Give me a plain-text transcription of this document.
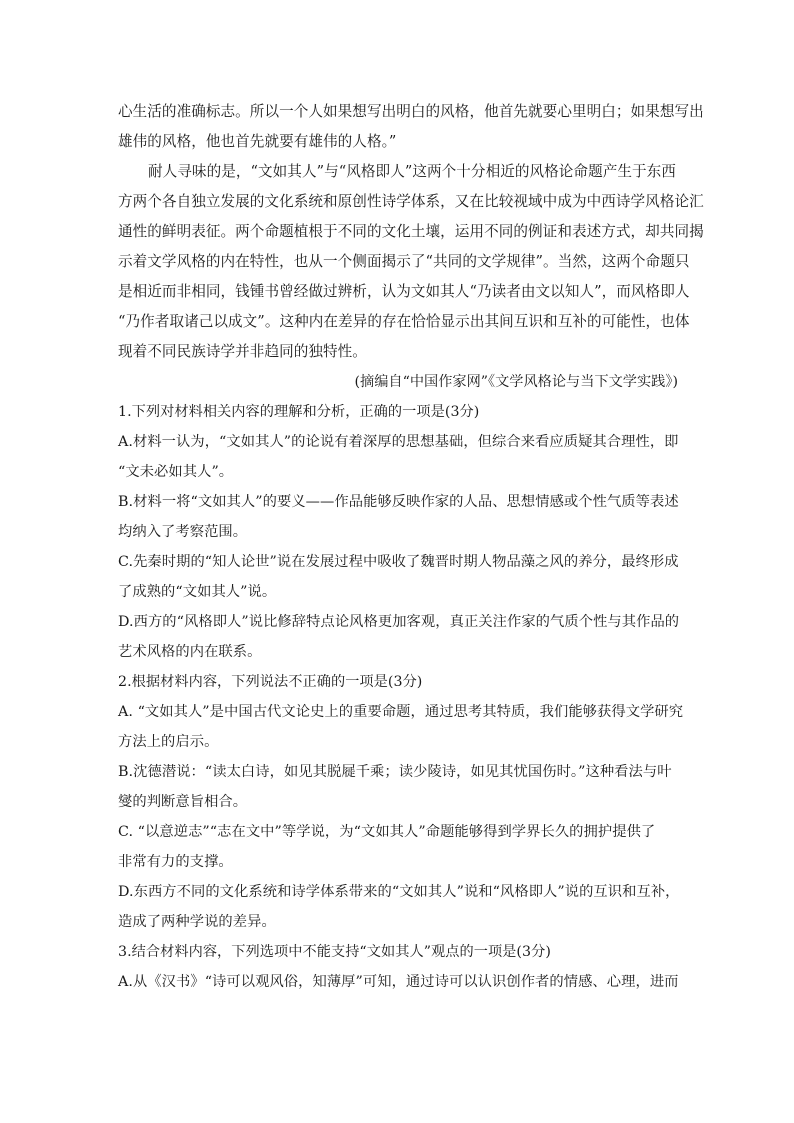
心生活的准确标志。所以一个人如果想写出明白的风格，他首先就要心里明白；如果想写出
雄伟的风格，他也首先就要有雄伟的人格。”
耐人寻味的是，“文如其人”与“风格即人”这两个十分相近的风格论命题产生于东西
方两个各自独立发展的文化系统和原创性诗学体系，又在比较视域中成为中西诗学风格论汇
通性的鲜明表征。两个命题植根于不同的文化土壤，运用不同的例证和表述方式，却共同揭
示着文学风格的内在特性，也从一个侧面揭示了“共同的文学规律”。当然，这两个命题只
是相近而非相同，钱锺书曾经做过辨析，认为文如其人“乃读者由文以知人”，而风格即人
“乃作者取诸己以成文”。这种内在差异的存在恰恰显示出其间互识和互补的可能性，也体
现着不同民族诗学并非趋同的独特性。
(摘编自“中国作家网”《文学风格论与当下文学实践》)
1.下列对材料相关内容的理解和分析，正确的一项是(3分)
A.材料一认为，“文如其人”的论说有着深厚的思想基础，但综合来看应质疑其合理性，即
“文未必如其人”。
B.材料一将“文如其人”的要义——作品能够反映作家的人品、思想情感或个性气质等表述
均纳入了考察范围。
C.先秦时期的“知人论世”说在发展过程中吸收了魏晋时期人物品藻之风的养分，最终形成
了成熟的“文如其人”说。
D.西方的“风格即人”说比修辞特点论风格更加客观，真正关注作家的气质个性与其作品的
艺术风格的内在联系。
2.根据材料内容，下列说法不正确的一项是(3分)
A. “文如其人”是中国古代文论史上的重要命题，通过思考其特质，我们能够获得文学研究
方法上的启示。
B.沈德潜说：“读太白诗，如见其脱屣千乘；读少陵诗，如见其忧国伤时。”这种看法与叶
燮的判断意旨相合。
C. “以意逆志”“志在文中”等学说，为“文如其人”命题能够得到学界长久的拥护提供了
非常有力的支撑。
D.东西方不同的文化系统和诗学体系带来的“文如其人”说和“风格即人”说的互识和互补，
造成了两种学说的差异。
3.结合材料内容，下列选项中不能支持“文如其人”观点的一项是(3分)
A.从《汉书》“诗可以观风俗，知薄厚”可知，通过诗可以认识创作者的情感、心理，进而
